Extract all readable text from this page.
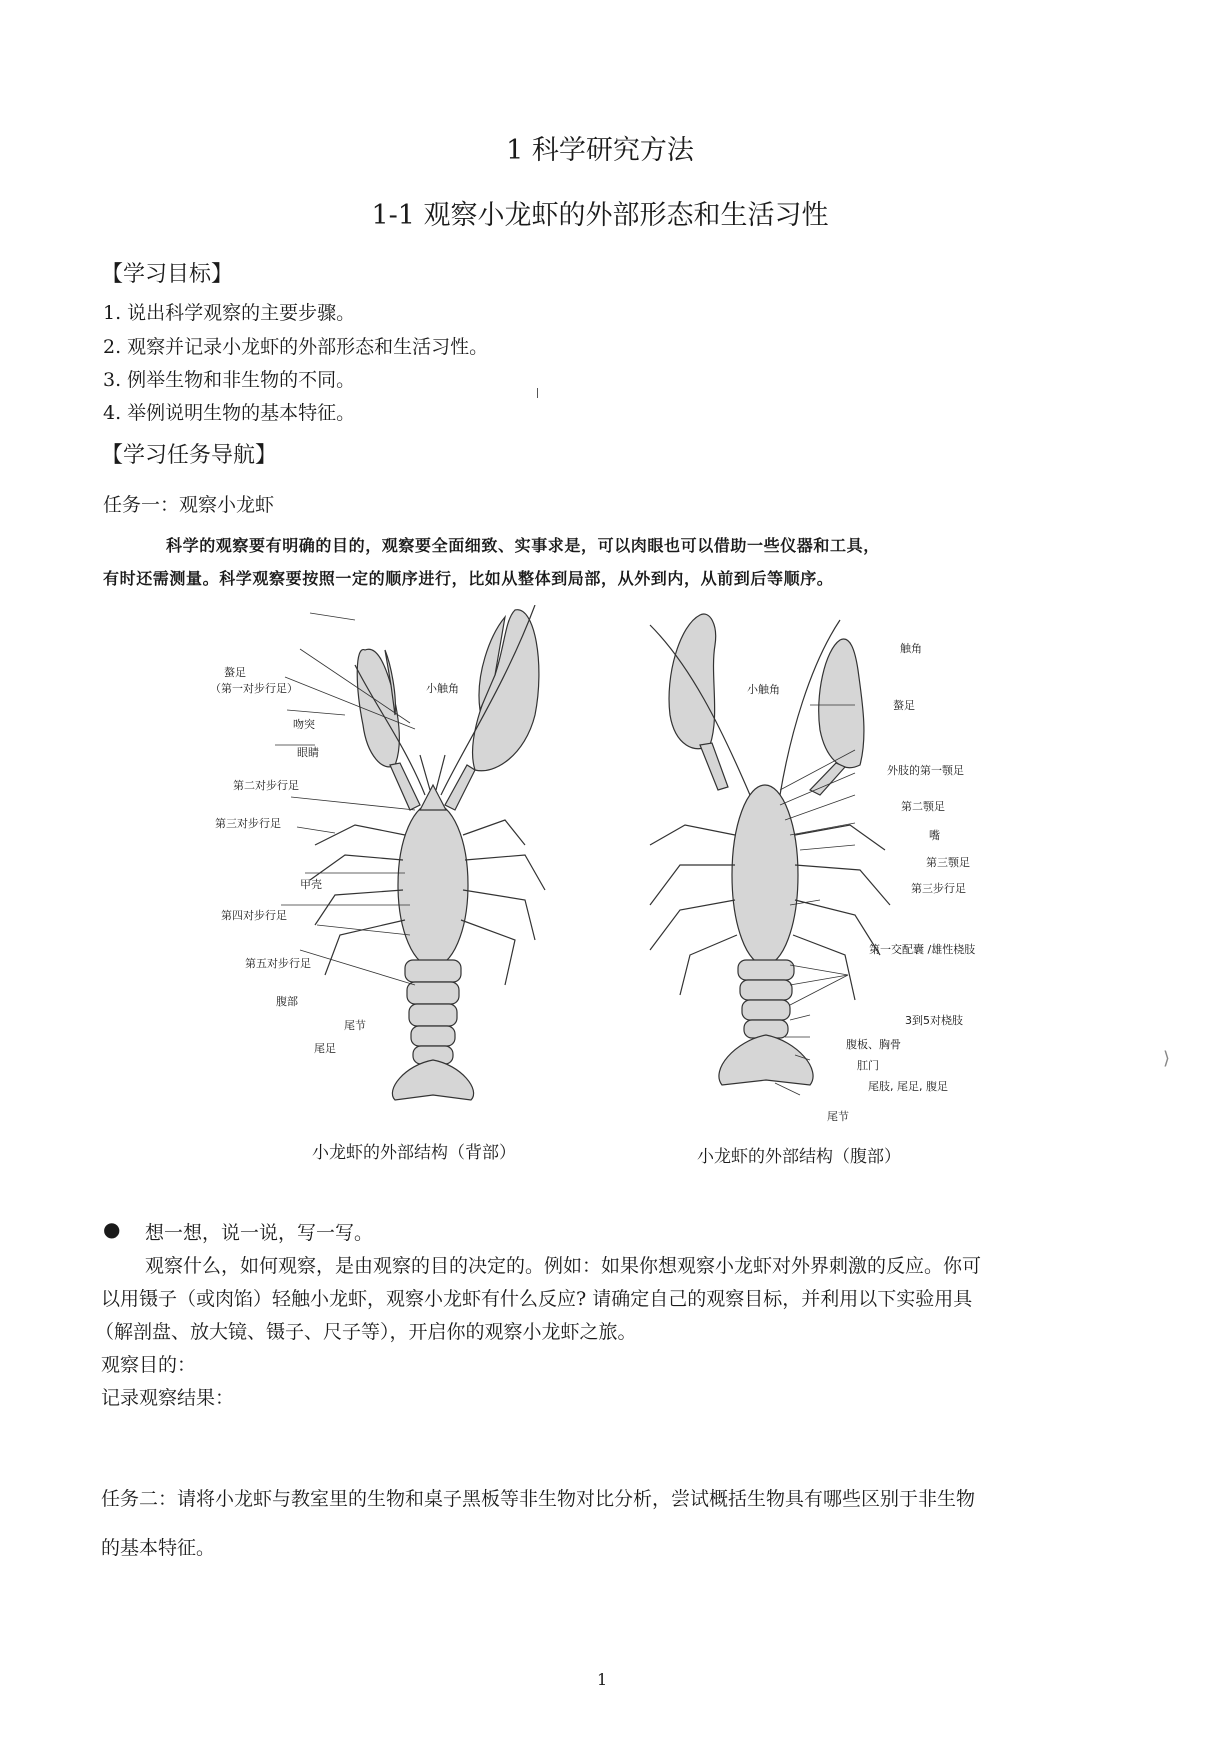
1 科学研究方法
1-1 观察小龙虾的外部形态和生活习性
【学习目标】
1. 说出科学观察的主要步骤。
2. 观察并记录小龙虾的外部形态和生活习性。
3. 例举生物和非生物的不同。
4. 举例说明生物的基本特征。
【学习任务导航】
任务一：观察小龙虾
科学的观察要有明确的目的，观察要全面细致、实事求是，可以肉眼也可以借助一些仪器和工具，
有时还需测量。科学观察要按照一定的顺序进行，比如从整体到局部，从外到内，从前到后等顺序。
螯足
（第一对步行足）	小触角
吻突
眼睛
第二对步行足
第三对步行足
甲壳
第四对步行足
第五对步行足
腹部
尾节
尾足
触角
小触角
螯足
外肢的第一颚足
第二颚足
嘴
第三颚足
第三步行足
第一交配囊 /雄性桡肢
3到5对桡肢
腹板、胸骨
肛门
尾肢, 尾足, 腹足
尾节
小龙虾的外部结构（背部）	小龙虾的外部结构（腹部）
⟩
● 想一想，说一说，写一写。
观察什么，如何观察，是由观察的目的决定的。例如：如果你想观察小龙虾对外界刺激的反应。你可
以用镊子（或肉馅）轻触小龙虾，观察小龙虾有什么反应? 请确定自己的观察目标，并利用以下实验用具
（解剖盘、放大镜、镊子、尺子等），开启你的观察小龙虾之旅。
观察目的：
记录观察结果：
任务二：请将小龙虾与教室里的生物和桌子黑板等非生物对比分析，尝试概括生物具有哪些区别于非生物
的基本特征。
1
